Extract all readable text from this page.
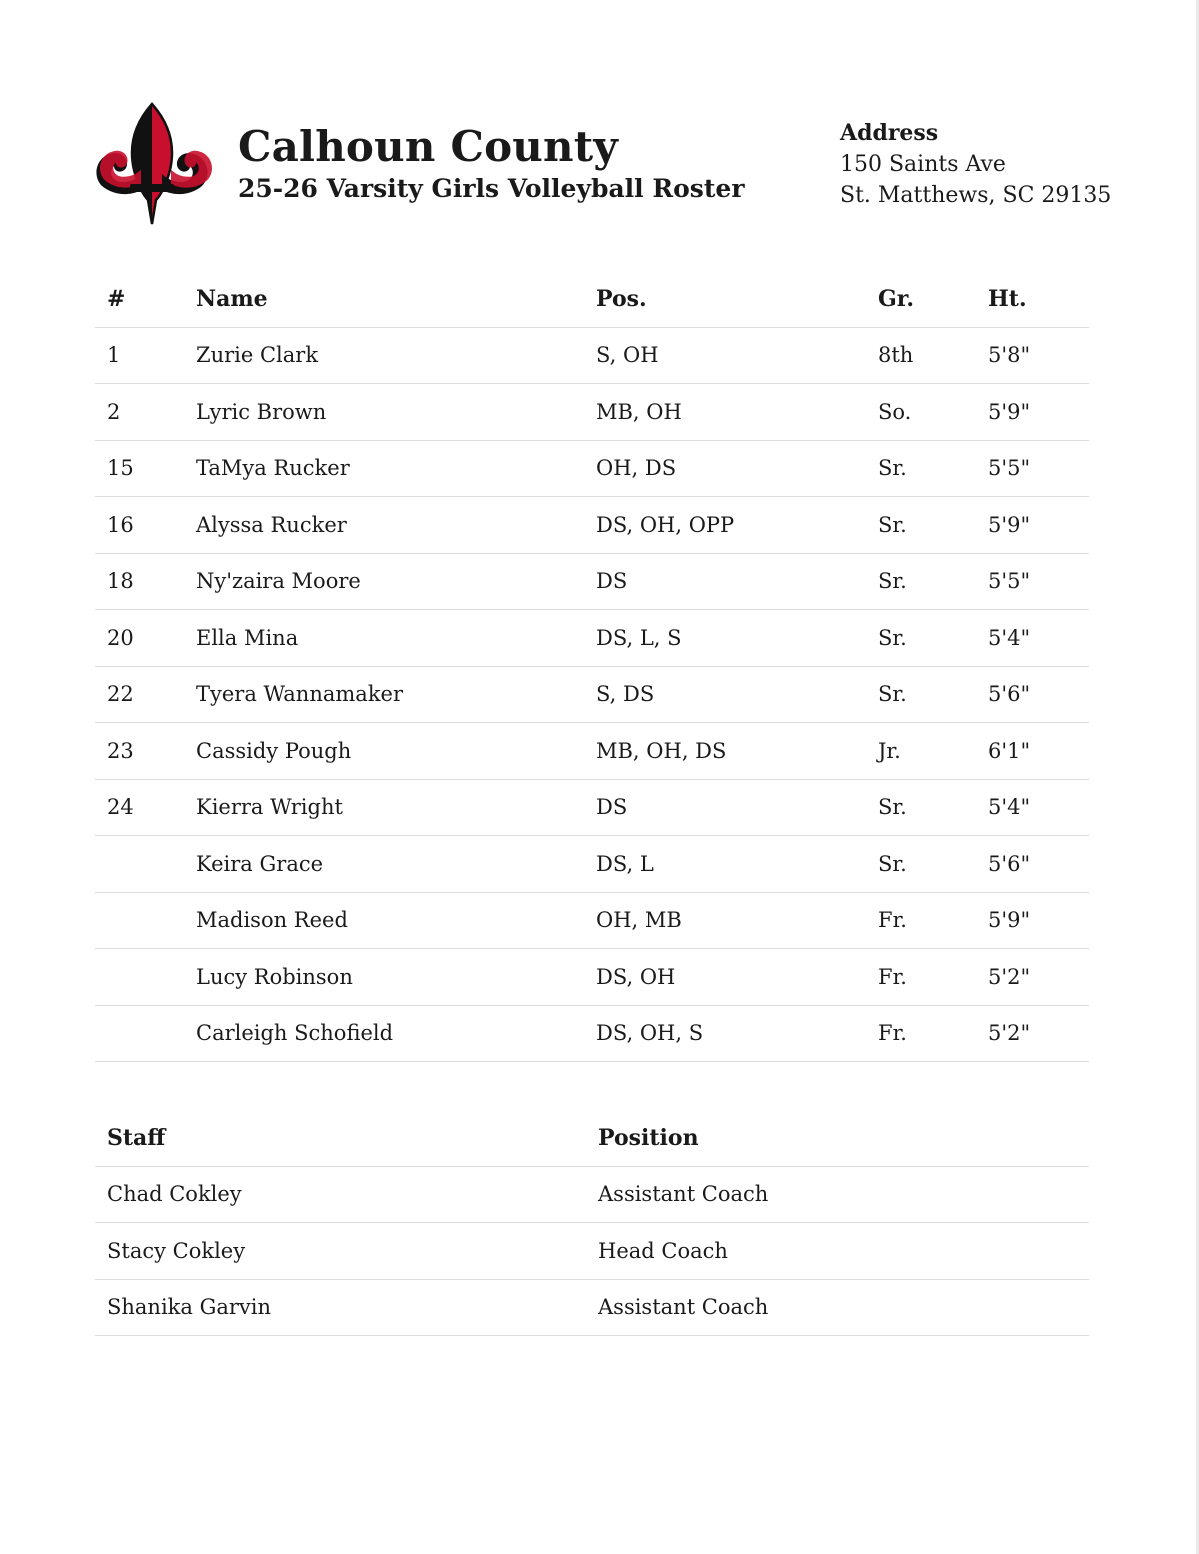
Calhoun County
25-26 Varsity Girls Volleyball Roster
Address
150 Saints Ave
St. Matthews, SC 29135
#	Name	Pos.	Gr.	Ht.
1	Zurie Clark	S, OH	8th	5'8"
2	Lyric Brown	MB, OH	So.	5'9"
15	TaMya Rucker	OH, DS	Sr.	5'5"
16	Alyssa Rucker	DS, OH, OPP	Sr.	5'9"
18	Ny'zaira Moore	DS	Sr.	5'5"
20	Ella Mina	DS, L, S	Sr.	5'4"
22	Tyera Wannamaker	S, DS	Sr.	5'6"
23	Cassidy Pough	MB, OH, DS	Jr.	6'1"
24	Kierra Wright	DS	Sr.	5'4"
	Keira Grace	DS, L	Sr.	5'6"
	Madison Reed	OH, MB	Fr.	5'9"
	Lucy Robinson	DS, OH	Fr.	5'2"
	Carleigh Schofield	DS, OH, S	Fr.	5'2"
Staff	Position
Chad Cokley	Assistant Coach
Stacy Cokley	Head Coach
Shanika Garvin	Assistant Coach
